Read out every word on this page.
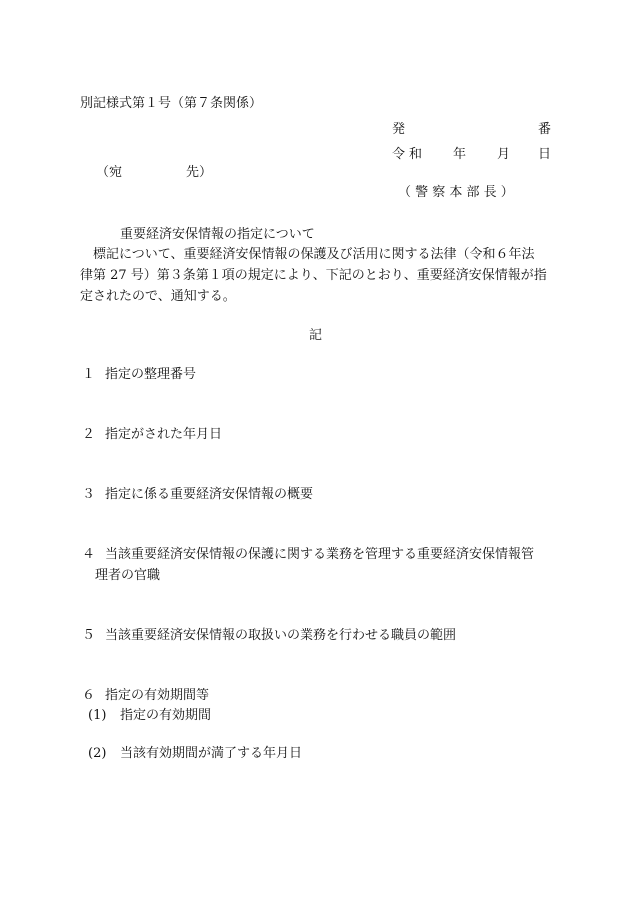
別記様式第１号（第７条関係）
発	番
令和 年 月 日
（宛	先）
（ 警 察 本 部 長 ）
重要経済安保情報の指定について
標記について、重要経済安保情報の保護及び活用に関する法律（令和６年法
律第 27 号）第３条第１項の規定により、下記のとおり、重要経済安保情報が指
定されたので、通知する。
記
１ 指定の整理番号
２ 指定がされた年月日
３ 指定に係る重要経済安保情報の概要
４ 当該重要経済安保情報の保護に関する業務を管理する重要経済安保情報管
理者の官職
５ 当該重要経済安保情報の取扱いの業務を行わせる職員の範囲
６ 指定の有効期間等
(1) 指定の有効期間
(2) 当該有効期間が満了する年月日
